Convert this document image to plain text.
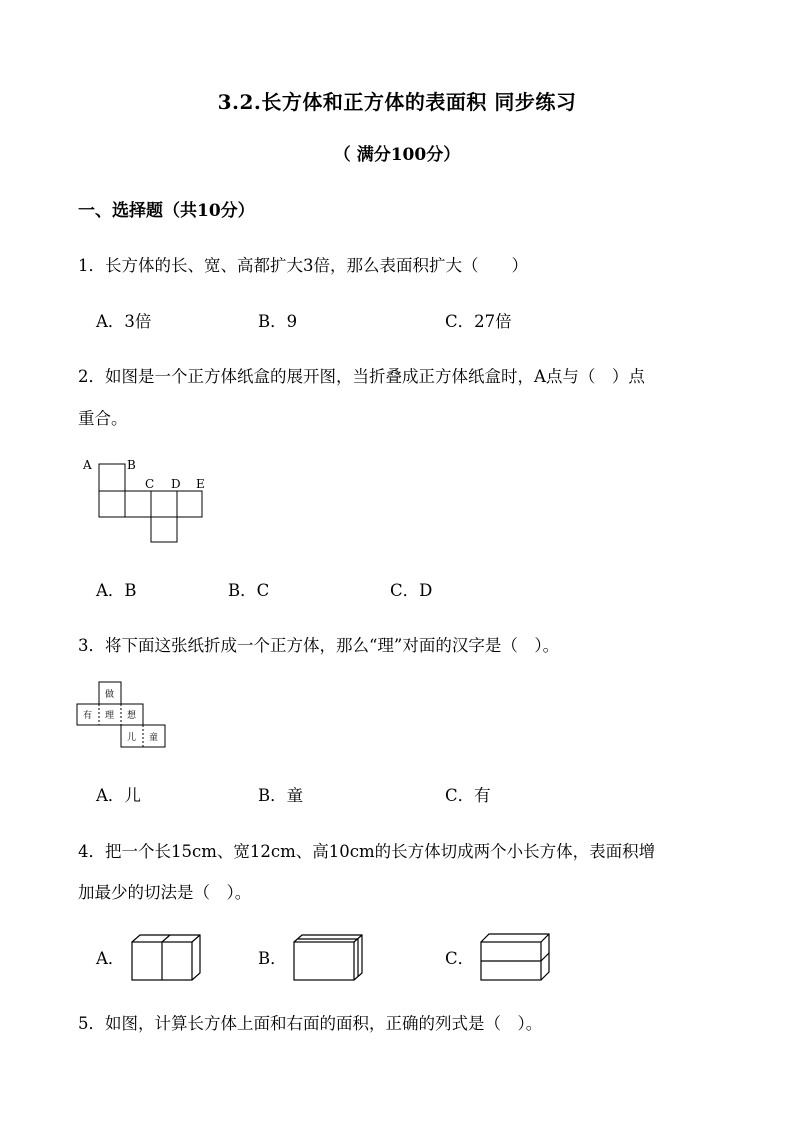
3.2.长方体和正方体的表面积 同步练习
（ 满分100分）
一、选择题（共10分）
1．长方体的长、宽、高都扩大3倍，那么表面积扩大（　　）
A．3倍	B．9	C．27倍
2．如图是一个正方体纸盒的展开图，当折叠成正方体纸盒时，A点与（　）点
重合。
A	B
C D E
A．B	B．C	C．D
3．将下面这张纸折成一个正方体，那么“理”对面的汉字是（　）。
做
有 理 想
儿 童
A．儿	B．童	C．有
4．把一个长15cm、宽12cm、高10cm的长方体切成两个小长方体，表面积增
加最少的切法是（　）。
A．	B．	C．
5．如图，计算长方体上面和右面的面积，正确的列式是（　）。
